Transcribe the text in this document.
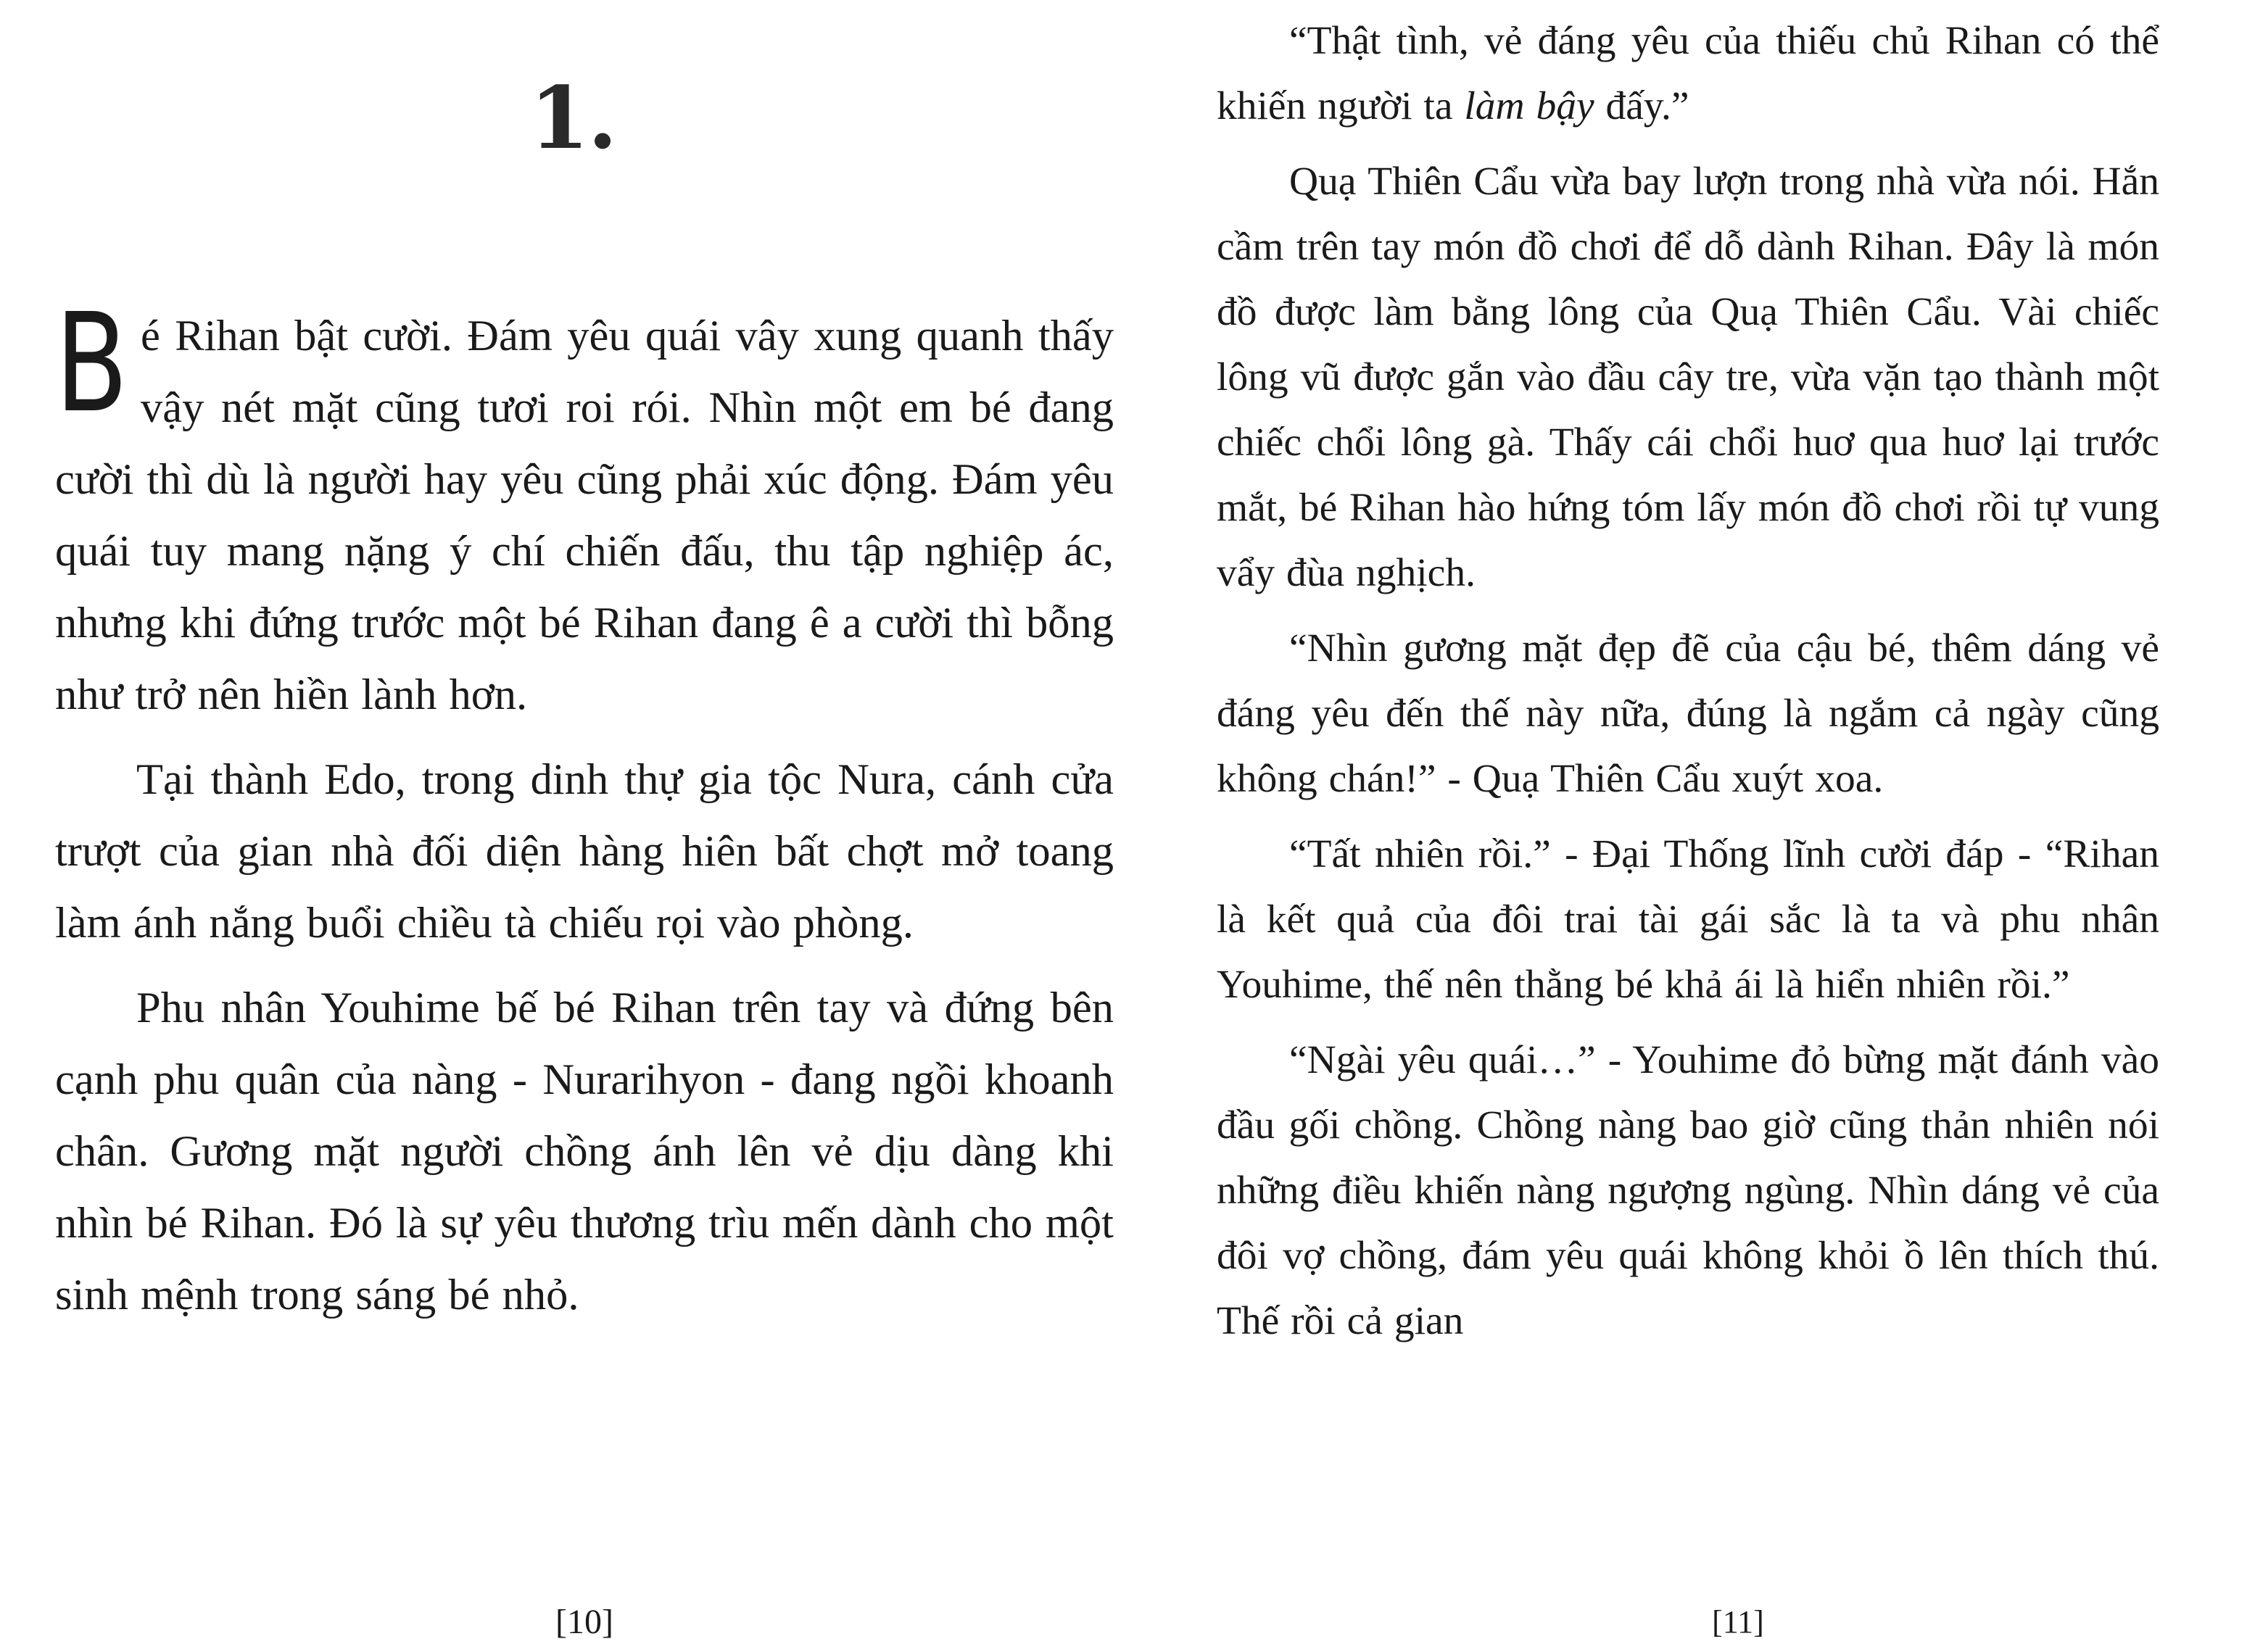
1.

Bé Rihan bật cười. Đám yêu quái vây xung quanh thấy vậy nét mặt cũng tươi roi rói. Nhìn một em bé đang cười thì dù là người hay yêu cũng phải xúc động. Đám yêu quái tuy mang nặng ý chí chiến đấu, thu tập nghiệp ác, nhưng khi đứng trước một bé Rihan đang ê a cười thì bỗng như trở nên hiền lành hơn.

Tại thành Edo, trong dinh thự gia tộc Nura, cánh cửa trượt của gian nhà đối diện hàng hiên bất chợt mở toang làm ánh nắng buổi chiều tà chiếu rọi vào phòng.

Phu nhân Youhime bế bé Rihan trên tay và đứng bên cạnh phu quân của nàng - Nurarihyon - đang ngồi khoanh chân. Gương mặt người chồng ánh lên vẻ dịu dàng khi nhìn bé Rihan. Đó là sự yêu thương trìu mến dành cho một sinh mệnh trong sáng bé nhỏ.

[10]

“Thật tình, vẻ đáng yêu của thiếu chủ Rihan có thể khiến người ta làm bậy đấy.”

Quạ Thiên Cẩu vừa bay lượn trong nhà vừa nói. Hắn cầm trên tay món đồ chơi để dỗ dành Rihan. Đây là món đồ được làm bằng lông của Quạ Thiên Cẩu. Vài chiếc lông vũ được gắn vào đầu cây tre, vừa vặn tạo thành một chiếc chổi lông gà. Thấy cái chổi huơ qua huơ lại trước mắt, bé Rihan hào hứng tóm lấy món đồ chơi rồi tự vung vẩy đùa nghịch.

“Nhìn gương mặt đẹp đẽ của cậu bé, thêm dáng vẻ đáng yêu đến thế này nữa, đúng là ngắm cả ngày cũng không chán!” - Quạ Thiên Cẩu xuýt xoa.

“Tất nhiên rồi.” - Đại Thống lĩnh cười đáp - “Rihan là kết quả của đôi trai tài gái sắc là ta và phu nhân Youhime, thế nên thằng bé khả ái là hiển nhiên rồi.”

“Ngài yêu quái…” - Youhime đỏ bừng mặt đánh vào đầu gối chồng. Chồng nàng bao giờ cũng thản nhiên nói những điều khiến nàng ngượng ngùng. Nhìn dáng vẻ của đôi vợ chồng, đám yêu quái không khỏi ồ lên thích thú. Thế rồi cả gian

[11]
